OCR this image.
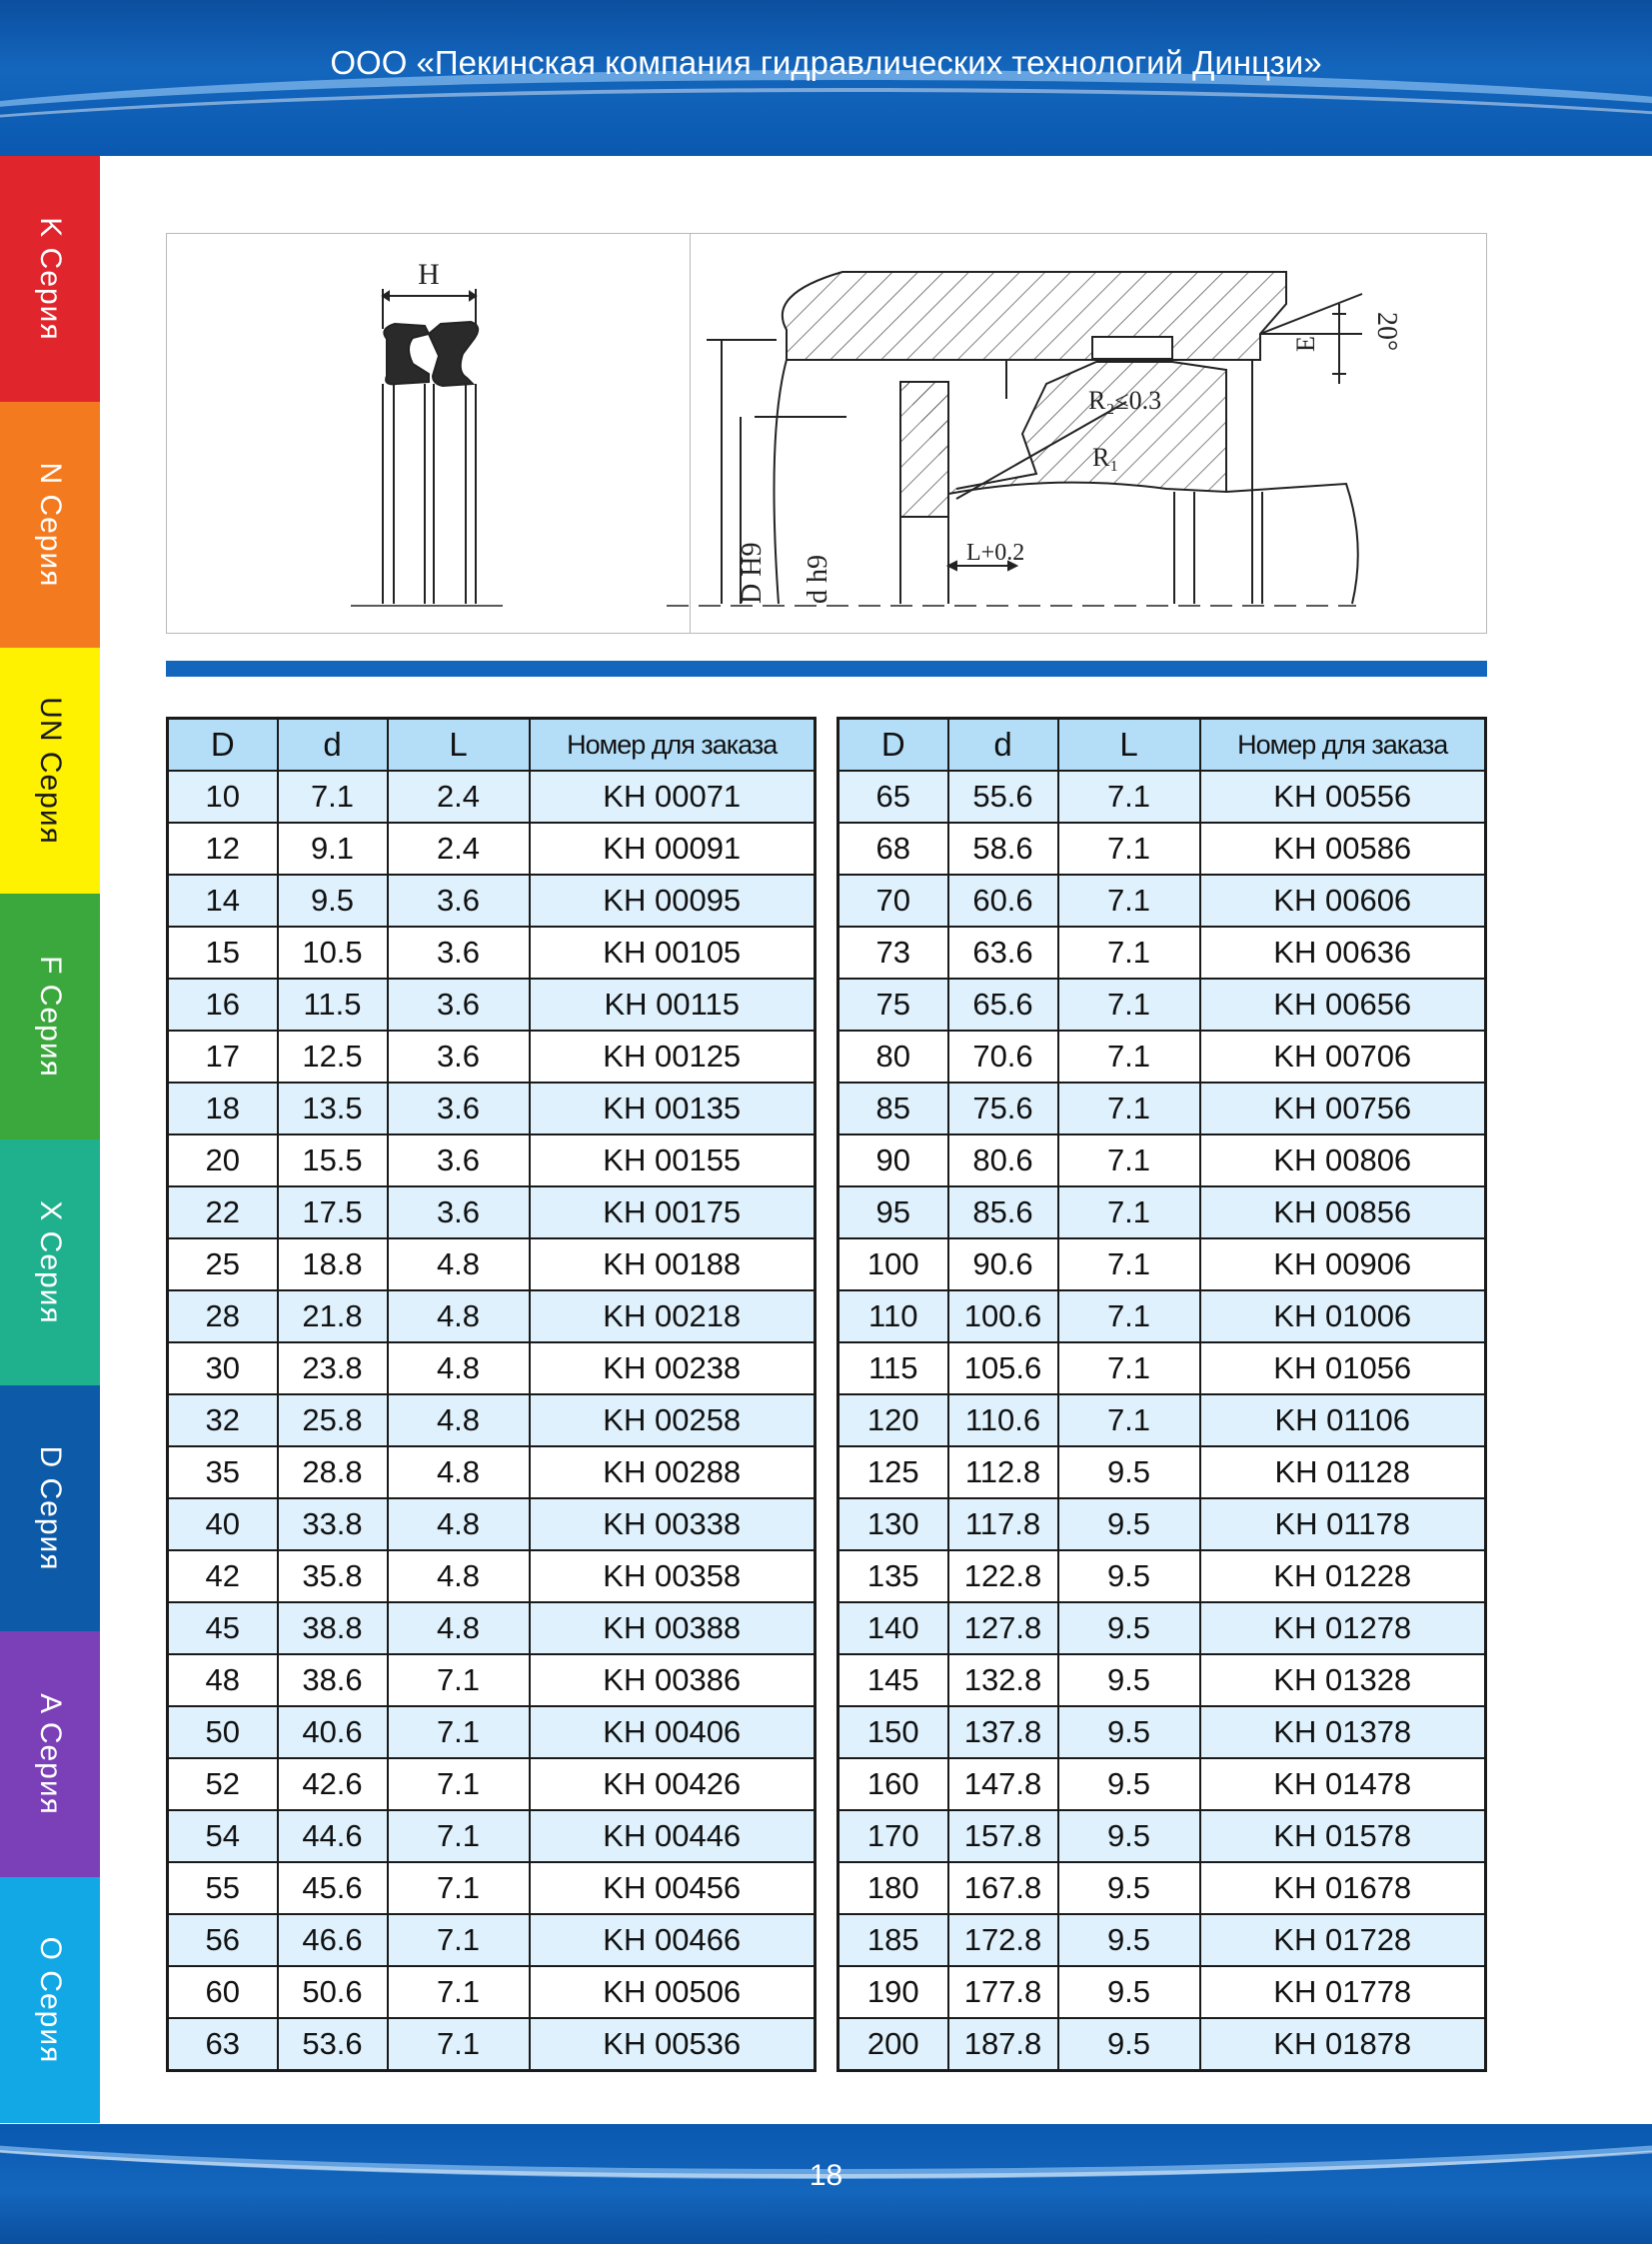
ООО «Пекинская компания гидравлических технологий Динцзи»
K Серия
N Серия
UN Серия
F Серия
X Серия
D Серия
A Серия
O Серия
H
20°
R₂≤0.3
R₁
E
L+0.2
D H9 d h9
D	d	L	Номер для заказа
10	7.1	2.4	KH 00071
12	9.1	2.4	KH 00091
14	9.5	3.6	KH 00095
15	10.5	3.6	KH 00105
16	11.5	3.6	KH 00115
17	12.5	3.6	KH 00125
18	13.5	3.6	KH 00135
20	15.5	3.6	KH 00155
22	17.5	3.6	KH 00175
25	18.8	4.8	KH 00188
28	21.8	4.8	KH 00218
30	23.8	4.8	KH 00238
32	25.8	4.8	KH 00258
35	28.8	4.8	KH 00288
40	33.8	4.8	KH 00338
42	35.8	4.8	KH 00358
45	38.8	4.8	KH 00388
48	38.6	7.1	KH 00386
50	40.6	7.1	KH 00406
52	42.6	7.1	KH 00426
54	44.6	7.1	KH 00446
55	45.6	7.1	KH 00456
56	46.6	7.1	KH 00466
60	50.6	7.1	KH 00506
63	53.6	7.1	KH 00536
D	d	L	Номер для заказа
65	55.6	7.1	KH 00556
68	58.6	7.1	KH 00586
70	60.6	7.1	KH 00606
73	63.6	7.1	KH 00636
75	65.6	7.1	KH 00656
80	70.6	7.1	KH 00706
85	75.6	7.1	KH 00756
90	80.6	7.1	KH 00806
95	85.6	7.1	KH 00856
100	90.6	7.1	KH 00906
110	100.6	7.1	KH 01006
115	105.6	7.1	KH 01056
120	110.6	7.1	KH 01106
125	112.8	9.5	KH 01128
130	117.8	9.5	KH 01178
135	122.8	9.5	KH 01228
140	127.8	9.5	KH 01278
145	132.8	9.5	KH 01328
150	137.8	9.5	KH 01378
160	147.8	9.5	KH 01478
170	157.8	9.5	KH 01578
180	167.8	9.5	KH 01678
185	172.8	9.5	KH 01728
190	177.8	9.5	KH 01778
200	187.8	9.5	KH 01878
18
